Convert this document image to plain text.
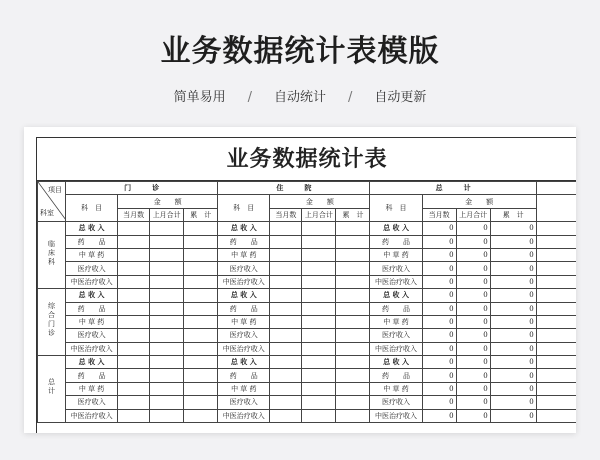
业务数据统计表模版
简单易用 / 自动统计 / 自动更新
业务数据统计表
项目
科室	门　　　诊				住　　　院				总　　　计				
	科　目	金　　额			科　目	金　　额			科　目	金　　额			
		当月数	上月合计	累　计		当月数	上月合计	累　计		当月数	上月合计	累　计	
临床科	总 收 入				总 收 入				总 收 入	0	0	0	
	药　　品				药　　品				药　　品	0	0	0	
	中 草 药				中 草 药				中 草 药	0	0	0	
	医疗收入				医疗收入				医疗收入	0	0	0	
	中医治疗收入				中医治疗收入				中医治疗收入	0	0	0	
综合门诊	总 收 入				总 收 入				总 收 入	0	0	0	
	药　　品				药　　品				药　　品	0	0	0	
	中 草 药				中 草 药				中 草 药	0	0	0	
	医疗收入				医疗收入				医疗收入	0	0	0	
	中医治疗收入				中医治疗收入				中医治疗收入	0	0	0	
总计	总 收 入				总 收 入				总 收 入	0	0	0	
	药　　品				药　　品				药　　品	0	0	0	
	中 草 药				中 草 药				中 草 药	0	0	0	
	医疗收入				医疗收入				医疗收入	0	0	0	
	中医治疗收入				中医治疗收入				中医治疗收入	0	0	0	
